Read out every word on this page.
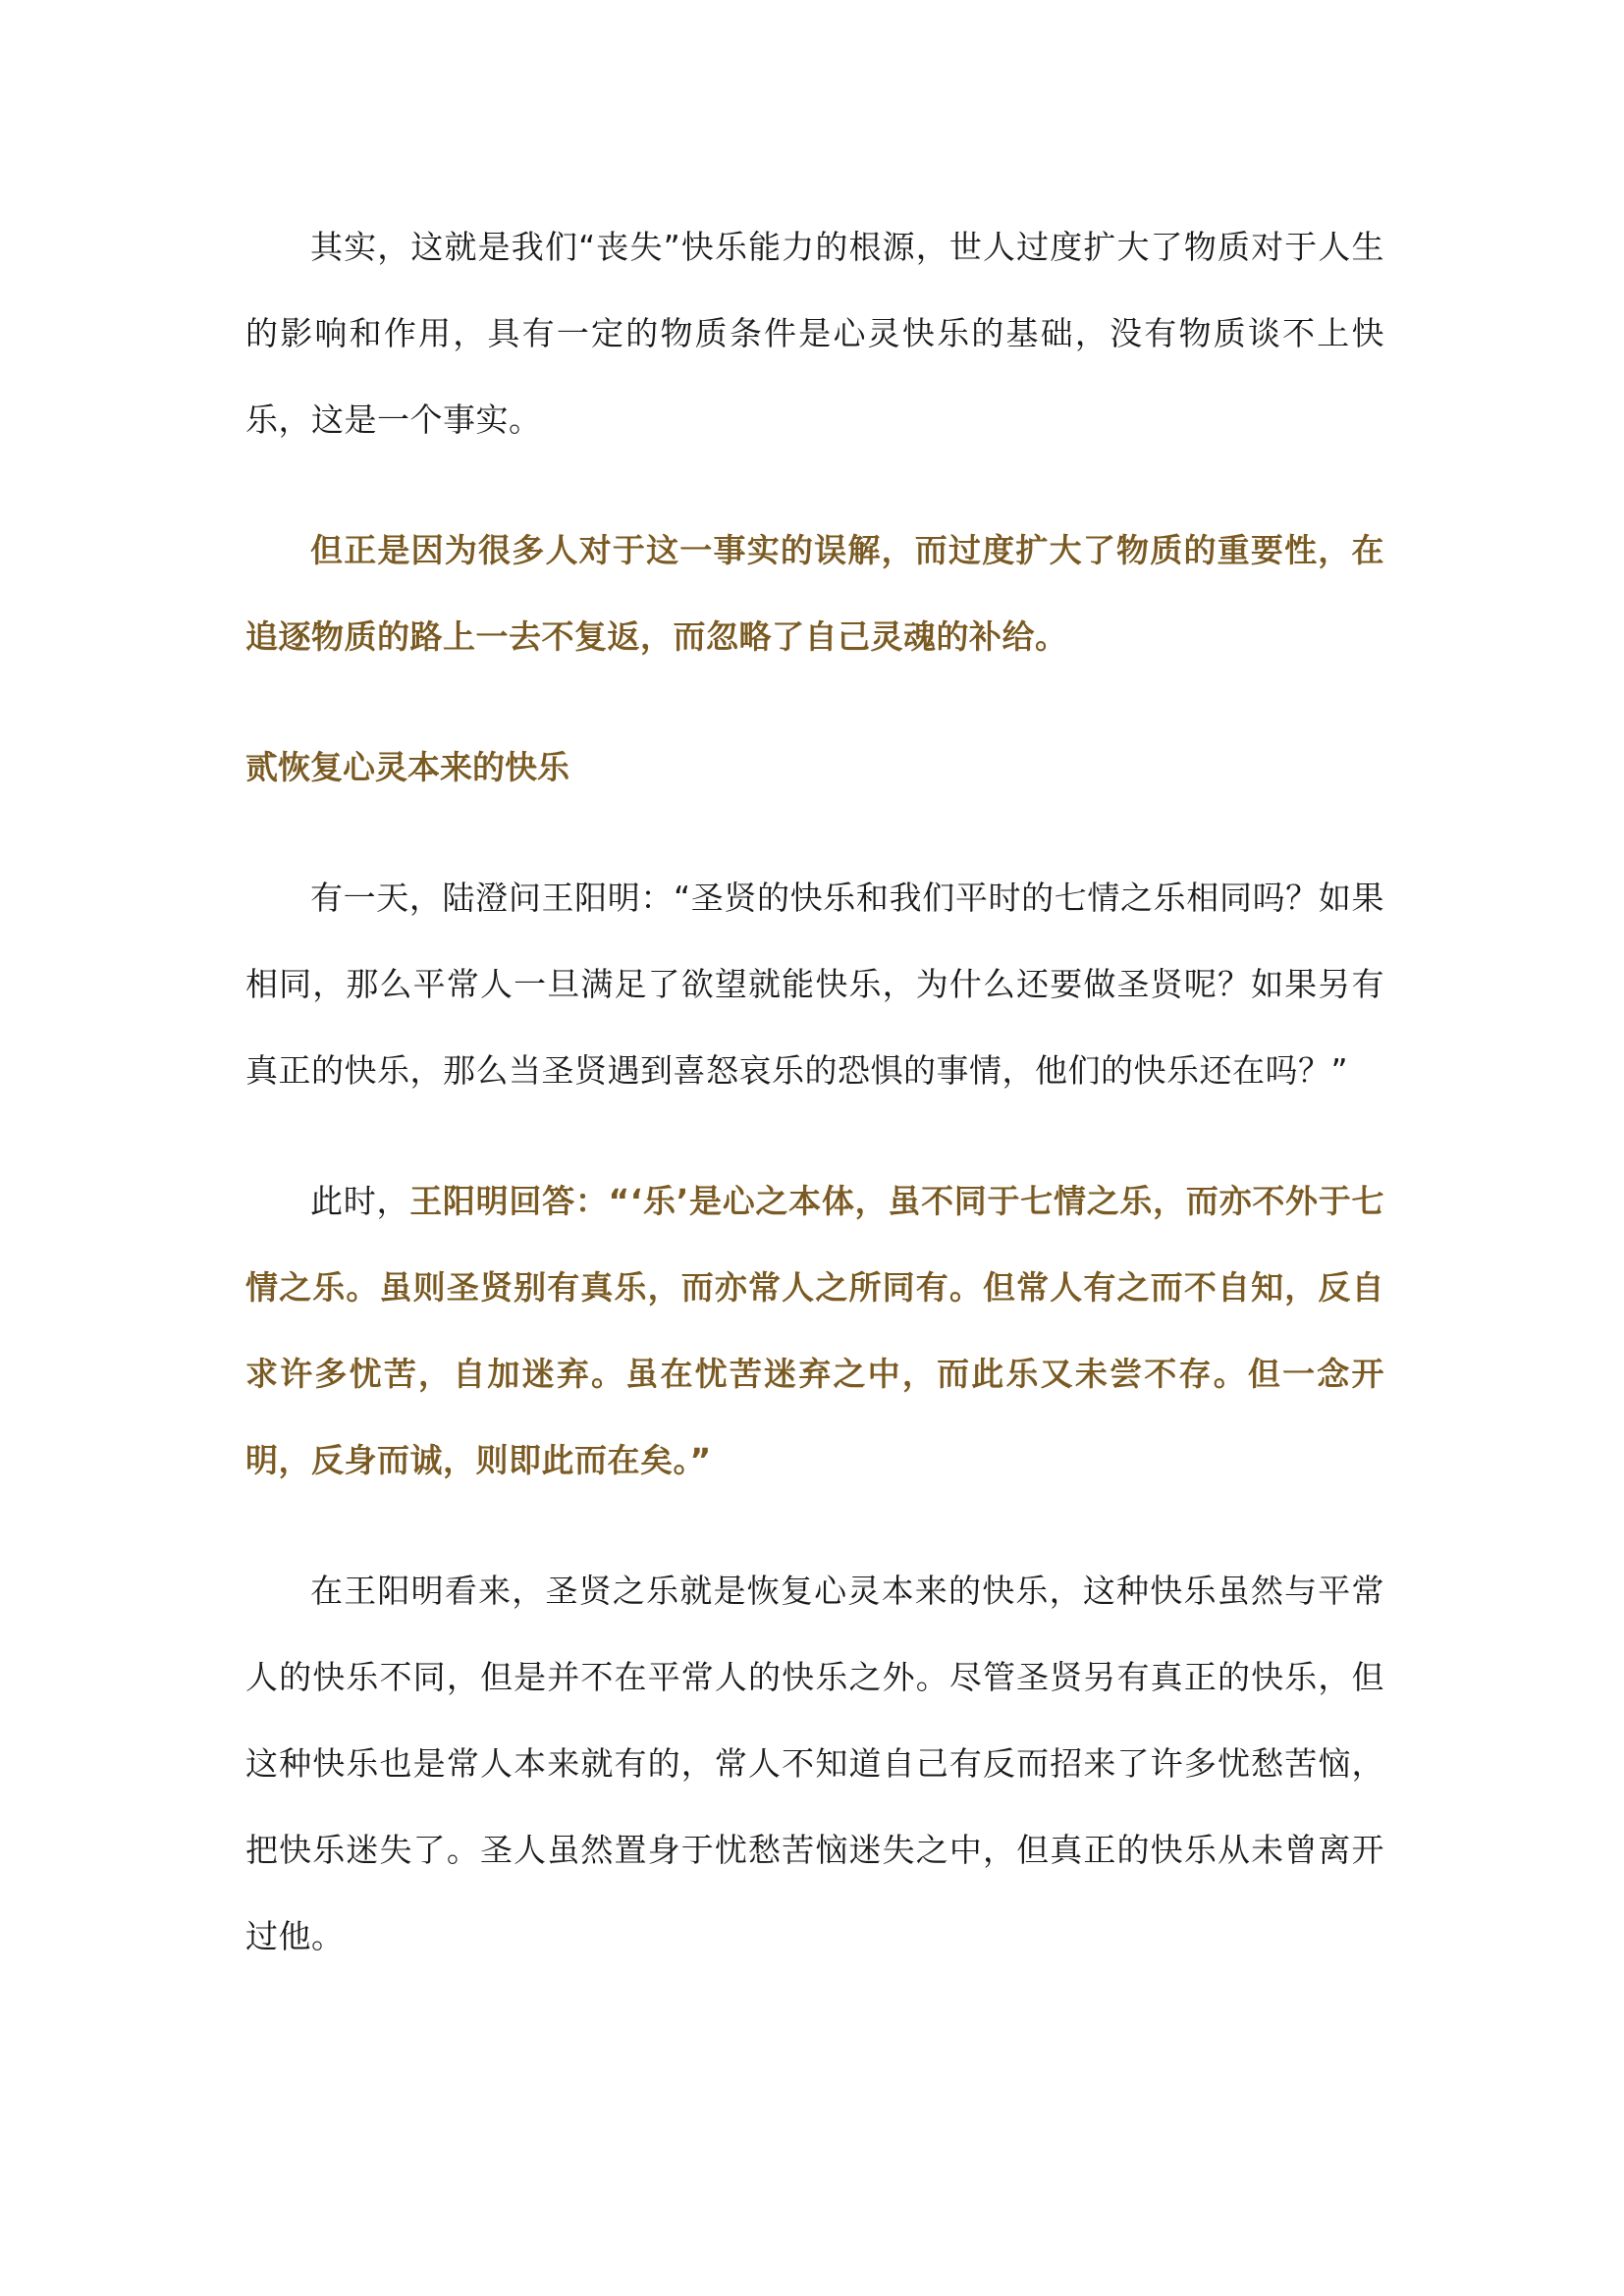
其实，这就是我们“丧失”快乐能力的根源，世人过度扩大了物质对于人生的影响和作用，具有一定的物质条件是心灵快乐的基础，没有物质谈不上快乐，这是一个事实。

但正是因为很多人对于这一事实的误解，而过度扩大了物质的重要性，在追逐物质的路上一去不复返，而忽略了自己灵魂的补给。

贰恢复心灵本来的快乐

有一天，陆澄问王阳明：“圣贤的快乐和我们平时的七情之乐相同吗？如果相同，那么平常人一旦满足了欲望就能快乐，为什么还要做圣贤呢？如果另有真正的快乐，那么当圣贤遇到喜怒哀乐的恐惧的事情，他们的快乐还在吗？”

此时，王阳明回答：“‘乐’是心之本体，虽不同于七情之乐，而亦不外于七情之乐。虽则圣贤别有真乐，而亦常人之所同有。但常人有之而不自知，反自求许多忧苦，自加迷弃。虽在忧苦迷弃之中，而此乐又未尝不存。但一念开明，反身而诚，则即此而在矣。”

在王阳明看来，圣贤之乐就是恢复心灵本来的快乐，这种快乐虽然与平常人的快乐不同，但是并不在平常人的快乐之外。尽管圣贤另有真正的快乐，但这种快乐也是常人本来就有的，常人不知道自己有反而招来了许多忧愁苦恼，把快乐迷失了。圣人虽然置身于忧愁苦恼迷失之中，但真正的快乐从未曾离开过他。
